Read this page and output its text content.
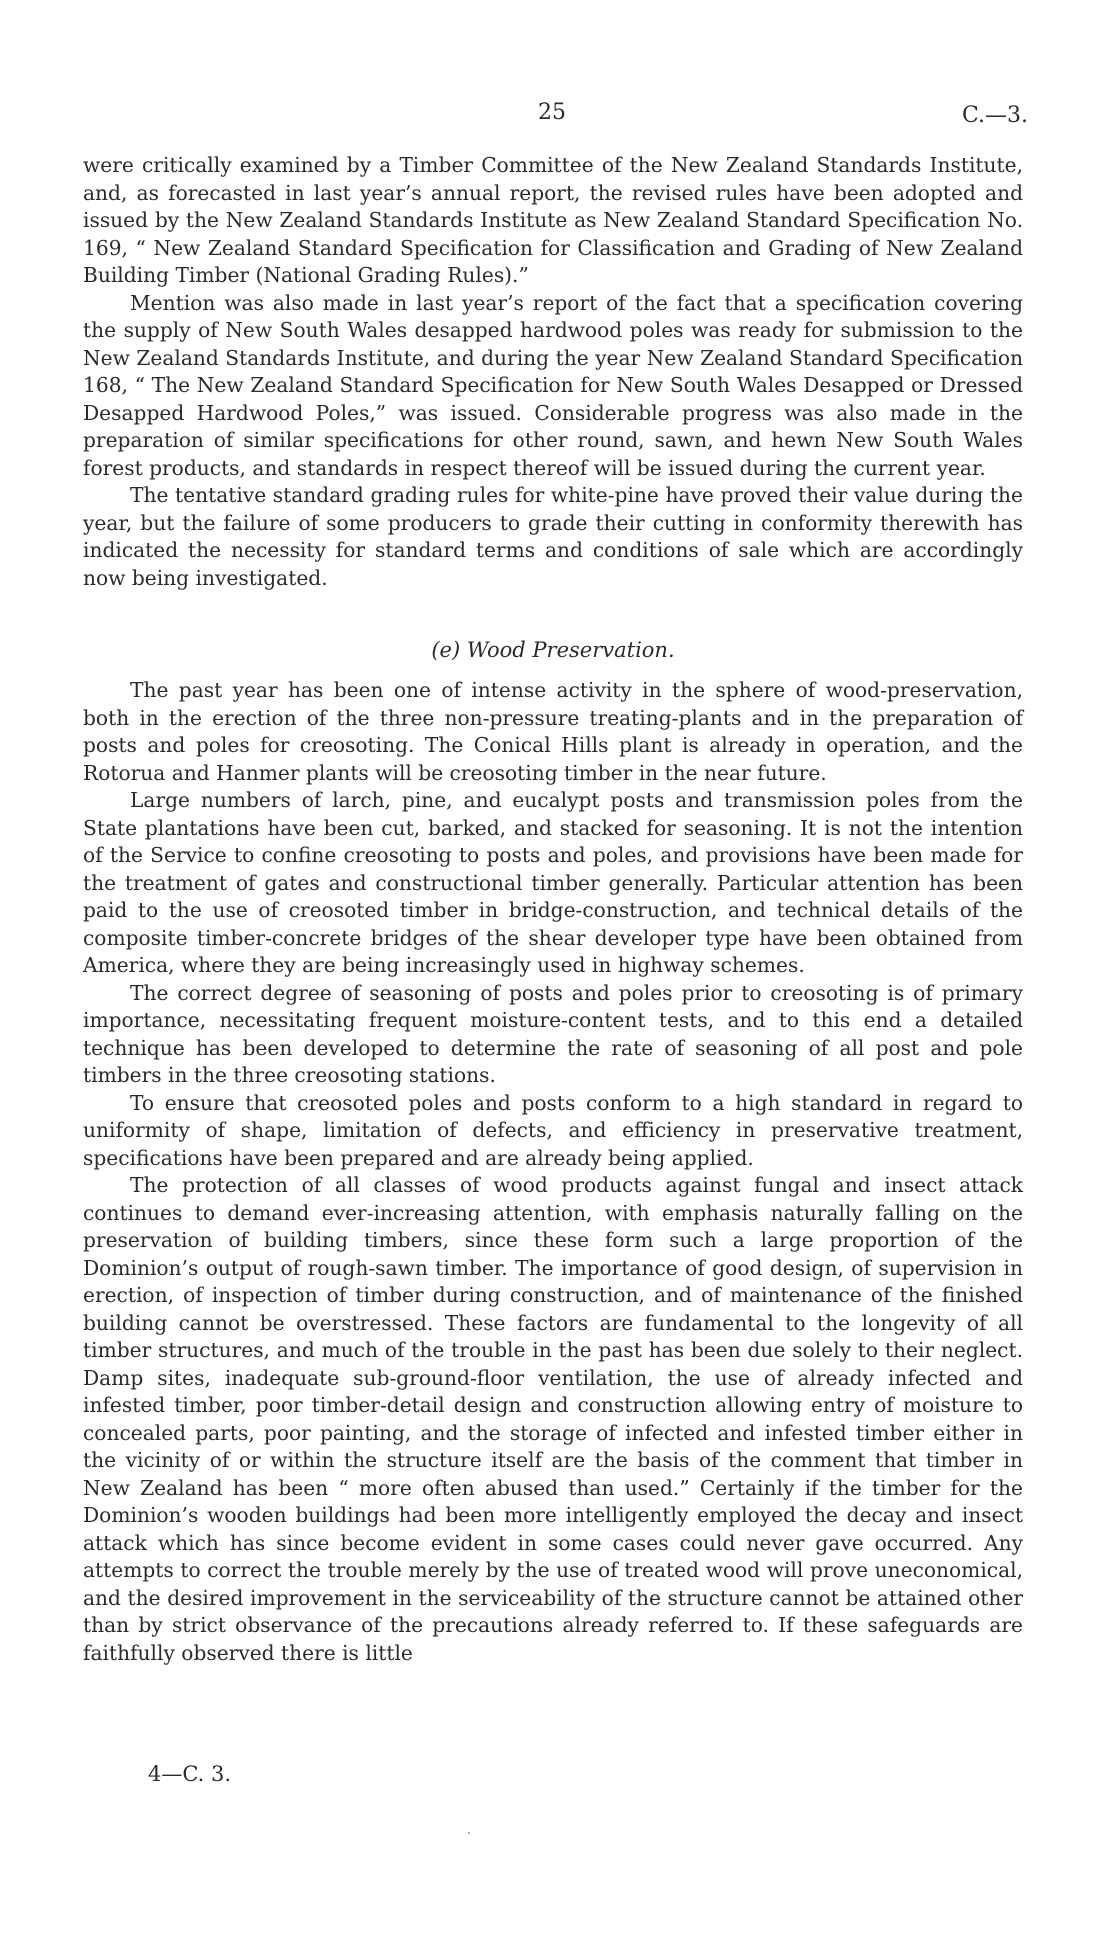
25	C.—3.

were critically examined by a Timber Committee of the New Zealand Standards Institute, and, as forecasted in last year’s annual report, the revised rules have been adopted and issued by the New Zealand Standards Institute as New Zealand Standard Specification No. 169, “ New Zealand Standard Specification for Classification and Grading of New Zealand Building Timber (National Grading Rules).”

Mention was also made in last year’s report of the fact that a specification covering the supply of New South Wales desapped hardwood poles was ready for submission to the New Zealand Standards Institute, and during the year New Zealand Standard Specification 168, “ The New Zealand Standard Specification for New South Wales Desapped or Dressed Desapped Hardwood Poles,” was issued. Considerable progress was also made in the preparation of similar specifications for other round, sawn, and hewn New South Wales forest products, and standards in respect thereof will be issued during the current year.

The tentative standard grading rules for white-pine have proved their value during the year, but the failure of some producers to grade their cutting in conformity therewith has indicated the necessity for standard terms and conditions of sale which are accordingly now being investigated.

(e) Wood Preservation.

The past year has been one of intense activity in the sphere of wood-preservation, both in the erection of the three non-pressure treating-plants and in the preparation of posts and poles for creosoting. The Conical Hills plant is already in operation, and the Rotorua and Hanmer plants will be creosoting timber in the near future.

Large numbers of larch, pine, and eucalypt posts and transmission poles from the State plantations have been cut, barked, and stacked for seasoning. It is not the intention of the Service to confine creosoting to posts and poles, and provisions have been made for the treatment of gates and constructional timber generally. Particular attention has been paid to the use of creosoted timber in bridge-construction, and technical details of the composite timber-concrete bridges of the shear developer type have been obtained from America, where they are being increasingly used in highway schemes.

The correct degree of seasoning of posts and poles prior to creosoting is of primary importance, necessitating frequent moisture-content tests, and to this end a detailed technique has been developed to determine the rate of seasoning of all post and pole timbers in the three creosoting stations.

To ensure that creosoted poles and posts conform to a high standard in regard to uniformity of shape, limitation of defects, and efficiency in preservative treatment, specifications have been prepared and are already being applied.

The protection of all classes of wood products against fungal and insect attack continues to demand ever-increasing attention, with emphasis naturally falling on the preservation of building timbers, since these form such a large proportion of the Dominion’s output of rough-sawn timber. The importance of good design, of supervision in erection, of inspection of timber during construction, and of maintenance of the finished building cannot be overstressed. These factors are fundamental to the longevity of all timber structures, and much of the trouble in the past has been due solely to their neglect. Damp sites, inadequate sub-ground-floor ventilation, the use of already infected and infested timber, poor timber-detail design and construction allowing entry of moisture to concealed parts, poor painting, and the storage of infected and infested timber either in the vicinity of or within the structure itself are the basis of the comment that timber in New Zealand has been “ more often abused than used.” Certainly if the timber for the Dominion’s wooden buildings had been more intelligently employed the decay and insect attack which has since become evident in some cases could never gave occurred. Any attempts to correct the trouble merely by the use of treated wood will prove uneconomical, and the desired improvement in the serviceability of the structure cannot be attained other than by strict observance of the precautions already referred to. If these safeguards are faithfully observed there is little

4—C. 3.
